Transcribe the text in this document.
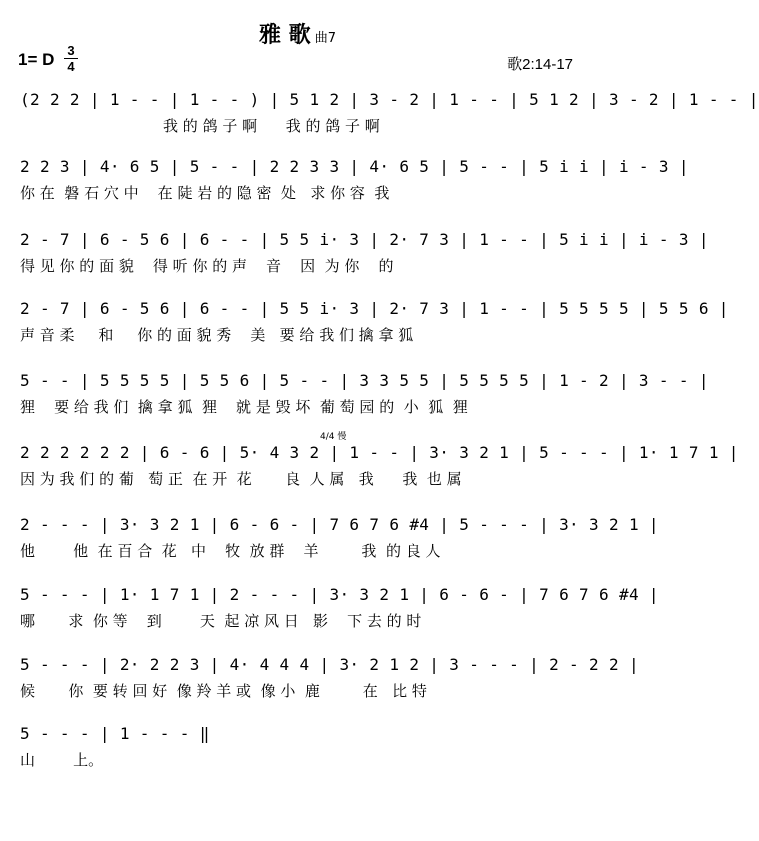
雅 歌 曲7
1= D 3
4	歌2:14-17
(2 2 2 | 1 - - | 1 - - ) | 5 1 2 | 3 - 2 | 1 - - | 5 1 2 | 3 - 2 | 1 - - |
我 的 鸽 子 啊      我 的 鸽 子 啊
2 2 3 | 4· 6 5 | 5 - - | 2 2 3 3 | 4· 6 5 | 5 - - | 5 i i | i - 3 |
你 在  磐 石 穴 中    在 陡 岩 的 隐 密  处   求 你 容  我
2 - 7 | 6 - 5 6 | 6 - - | 5 5 i· 3 | 2· 7 3 | 1 - - | 5 i i | i - 3 |
得 见 你 的 面 貌    得 听 你 的 声    音    因  为 你    的
2 - 7 | 6 - 5 6 | 6 - - | 5 5 i· 3 | 2· 7 3 | 1 - - | 5 5 5 5 | 5 5 6 |
声 音 柔     和     你 的 面 貌 秀    美   要 给 我 们 擒 拿 狐
5 - - | 5 5 5 5 | 5 5 6 | 5 - - | 3 3 5 5 | 5 5 5 5 | 1 - 2 | 3 - - |
狸    要 给 我 们  擒 拿 狐  狸    就 是 毁 坏  葡 萄 园 的  小  狐  狸
4/4 慢
2 2 2 2 2 2 | 6 - 6 | 5· 4 3 2 | 1 - - | 3· 3 2 1 | 5 - - - | 1· 1 7 1 |
因 为 我 们 的 葡   萄 正  在 开  花       良  人 属   我      我  也 属
2 - - - | 3· 3 2 1 | 6 - 6 - | 7 6 7 6 #4 | 5 - - - | 3· 3 2 1 |
他        他  在 百 合  花   中    牧  放 群    羊         我  的 良 人
5 - - - | 1· 1 7 1 | 2 - - - | 3· 3 2 1 | 6 - 6 - | 7 6 7 6 #4 |
哪       求  你 等    到        天  起 凉 风 日   影    下 去 的 时
5 - - - | 2· 2 2 3 | 4· 4 4 4 | 3· 2 1 2 | 3 - - - | 2 - 2 2 |
候       你  要 转 回 好  像 羚 羊 或  像 小  鹿         在   比 特
5 - - - | 1 - - - ‖
山        上。
